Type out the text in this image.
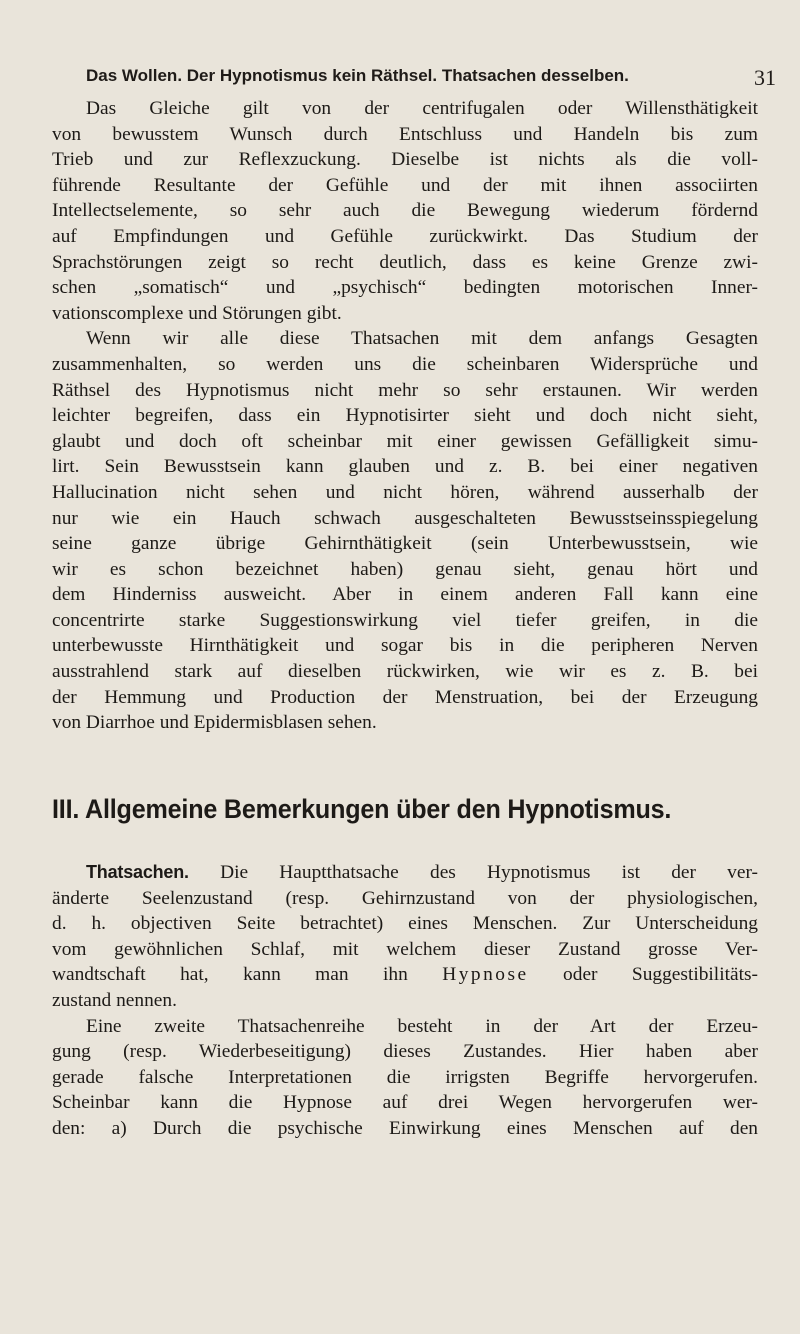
Das Wollen. Der Hypnotismus kein Räthsel. Thatsachen desselben.	31
Das Gleiche gilt von der centrifugalen oder Willensthätigkeit
von bewusstem Wunsch durch Entschluss und Handeln bis zum
Trieb und zur Reflexzuckung. Dieselbe ist nichts als die voll-
führende Resultante der Gefühle und der mit ihnen associirten
Intellectselemente, so sehr auch die Bewegung wiederum fördernd
auf Empfindungen und Gefühle zurückwirkt. Das Studium der
Sprachstörungen zeigt so recht deutlich, dass es keine Grenze zwi-
schen „somatisch“ und „psychisch“ bedingten motorischen Inner-
vationscomplexe und Störungen gibt.
Wenn wir alle diese Thatsachen mit dem anfangs Gesagten
zusammenhalten, so werden uns die scheinbaren Widersprüche und
Räthsel des Hypnotismus nicht mehr so sehr erstaunen. Wir werden
leichter begreifen, dass ein Hypnotisirter sieht und doch nicht sieht,
glaubt und doch oft scheinbar mit einer gewissen Gefälligkeit simu-
lirt. Sein Bewusstsein kann glauben und z. B. bei einer negativen
Hallucination nicht sehen und nicht hören, während ausserhalb der
nur wie ein Hauch schwach ausgeschalteten Bewusstseinsspiegelung
seine ganze übrige Gehirnthätigkeit (sein Unterbewusstsein, wie
wir es schon bezeichnet haben) genau sieht, genau hört und
dem Hinderniss ausweicht. Aber in einem anderen Fall kann eine
concentrirte starke Suggestionswirkung viel tiefer greifen, in die
unterbewusste Hirnthätigkeit und sogar bis in die peripheren Nerven
ausstrahlend stark auf dieselben rückwirken, wie wir es z. B. bei
der Hemmung und Production der Menstruation, bei der Erzeugung
von Diarrhoe und Epidermisblasen sehen.
III. Allgemeine Bemerkungen über den Hypnotismus.
Thatsachen. Die Hauptthatsache des Hypnotismus ist der ver-
änderte Seelenzustand (resp. Gehirnzustand von der physiologischen,
d. h. objectiven Seite betrachtet) eines Menschen. Zur Unterscheidung
vom gewöhnlichen Schlaf, mit welchem dieser Zustand grosse Ver-
wandtschaft hat, kann man ihn Hypnose oder Suggestibilitäts-
zustand nennen.
Eine zweite Thatsachenreihe besteht in der Art der Erzeu-
gung (resp. Wiederbeseitigung) dieses Zustandes. Hier haben aber
gerade falsche Interpretationen die irrigsten Begriffe hervorgerufen.
Scheinbar kann die Hypnose auf drei Wegen hervorgerufen wer-
den: a) Durch die psychische Einwirkung eines Menschen auf den
